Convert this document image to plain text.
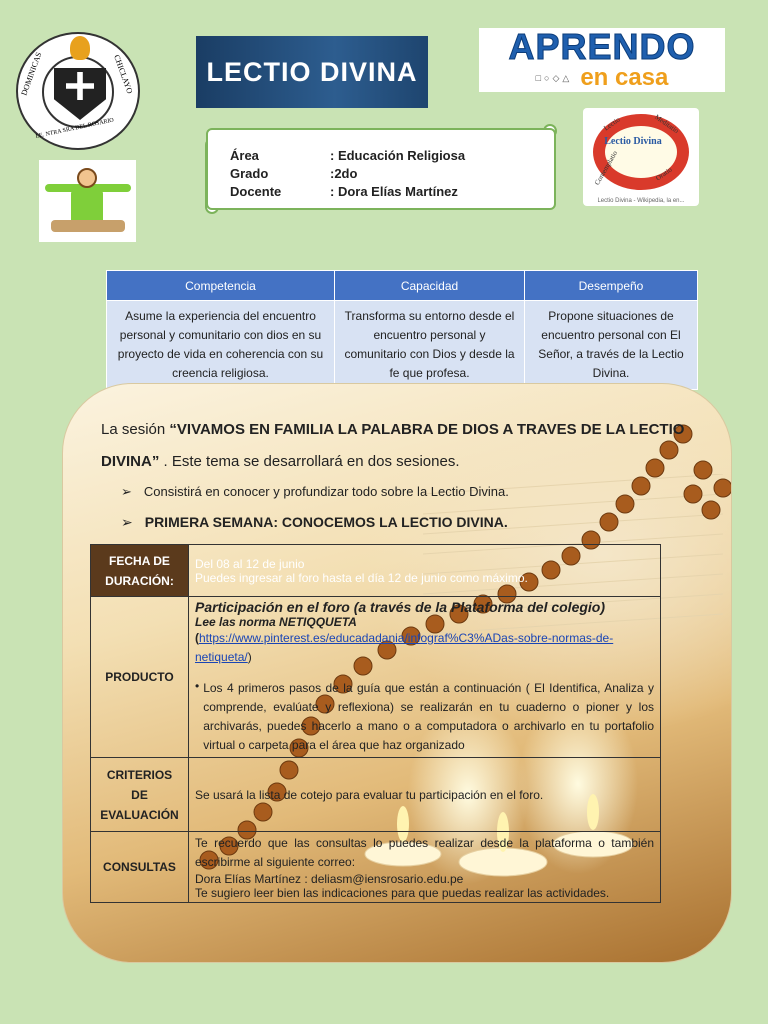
DOMINICAS	CHICLAYO
I.E. NTRA SRA DEL ROSARIO
LECTIO DIVINA
APRENDO
□○◇△ en casa
Área	: Educación Religiosa
Grado	:2do
Docente	: Dora Elías Martínez
Lectio	Meditatio
Contemplatio	Oratio
Lectio Divina
Lectio Divina - Wikipedia, la en...
Competencia	Capacidad	Desempeño
Asume la experiencia del encuentro personal y comunitario con dios en su proyecto de vida en coherencia con su creencia religiosa.	Transforma su entorno desde el encuentro personal y comunitario con Dios y desde la fe que profesa.	Propone situaciones de encuentro personal con El Señor, a través de la Lectio Divina.
La sesión “VIVAMOS EN FAMILIA LA PALABRA DE DIOS A TRAVES DE LA LECTIO DIVINA” . Este tema se desarrollará en dos sesiones.
➢ Consistirá en conocer y profundizar todo sobre la Lectio Divina.
➢ PRIMERA SEMANA: CONOCEMOS LA LECTIO DIVINA.
FECHA DE DURACIÓN:	Del 08 al 12 de junio
Puedes ingresar al foro hasta el día 12 de junio como máximo.

PRODUCTO	Participación en el foro (a través de la Plataforma del colegio)
Lee las norma NETIQQUETA
(https://www.pinterest.es/educadadania/infograf%C3%ADas-sobre-normas-de-netiqueta/)
• Los 4 primeros pasos de la guía que están a continuación ( El Identifica, Analiza y comprende, evalúate y reflexiona) se realizarán en tu cuaderno o pioner y los archivarás, puedes hacerlo a mano o a computadora o archivarlo en tu portafolio virtual o carpeta para el área que haz organizado

CRITERIOS DE EVALUACIÓN	Se usará la lista de cotejo para evaluar tu participación en el foro.
CONSULTAS	Te recuerdo que las consultas lo puedes realizar desde la plataforma o también escribirme al siguiente correo:
Dora Elías Martínez : deliasm@iensrosario.edu.pe
Te sugiero leer bien las indicaciones para que puedas realizar las actividades.
